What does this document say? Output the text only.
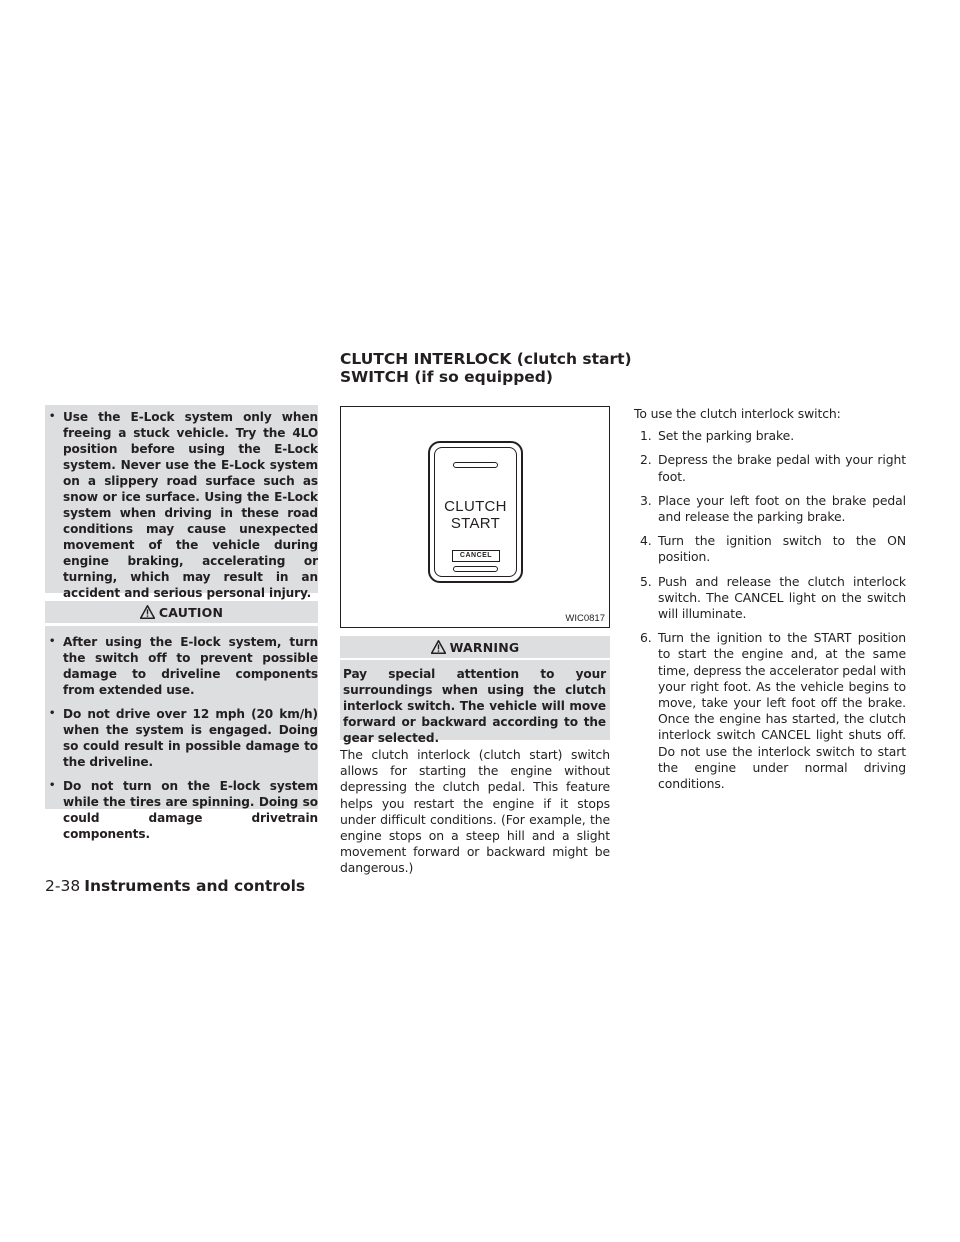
CLUTCH INTERLOCK (clutch start)
SWITCH (if so equipped)
• Use the E-Lock system only when freeing a stuck vehicle. Try the 4LO position before using the E-Lock system. Never use the E-Lock system on a slippery road surface such as snow or ice surface. Using the E-Lock system when driving in these road conditions may cause unexpected movement of the vehicle during engine braking, accelerating or turning, which may result in an accident and serious personal injury.
CAUTION
• After using the E-lock system, turn the switch off to prevent possible damage to driveline components from extended use.
• Do not drive over 12 mph (20 km/h) when the system is engaged. Doing so could result in possible damage to the driveline.
• Do not turn on the E-lock system while the tires are spinning. Doing so could damage drivetrain components.
CLUTCH
START
CANCEL
WIC0817
WARNING
Pay special attention to your surroundings when using the clutch interlock switch. The vehicle will move forward or backward according to the gear selected.
The clutch interlock (clutch start) switch allows for starting the engine without depressing the clutch pedal. This feature helps you restart the engine if it stops under difficult conditions. (For example, the engine stops on a steep hill and a slight movement forward or backward might be dangerous.)
To use the clutch interlock switch:
1. Set the parking brake.
2. Depress the brake pedal with your right foot.
3. Place your left foot on the brake pedal and release the parking brake.
4. Turn the ignition switch to the ON position.
5. Push and release the clutch interlock switch. The CANCEL light on the switch will illuminate.
6. Turn the ignition to the START position to start the engine and, at the same time, depress the accelerator pedal with your right foot. As the vehicle begins to move, take your left foot off the brake. Once the engine has started, the clutch interlock switch CANCEL light shuts off. Do not use the interlock switch to start the engine under normal driving conditions.
2-38 Instruments and controls
